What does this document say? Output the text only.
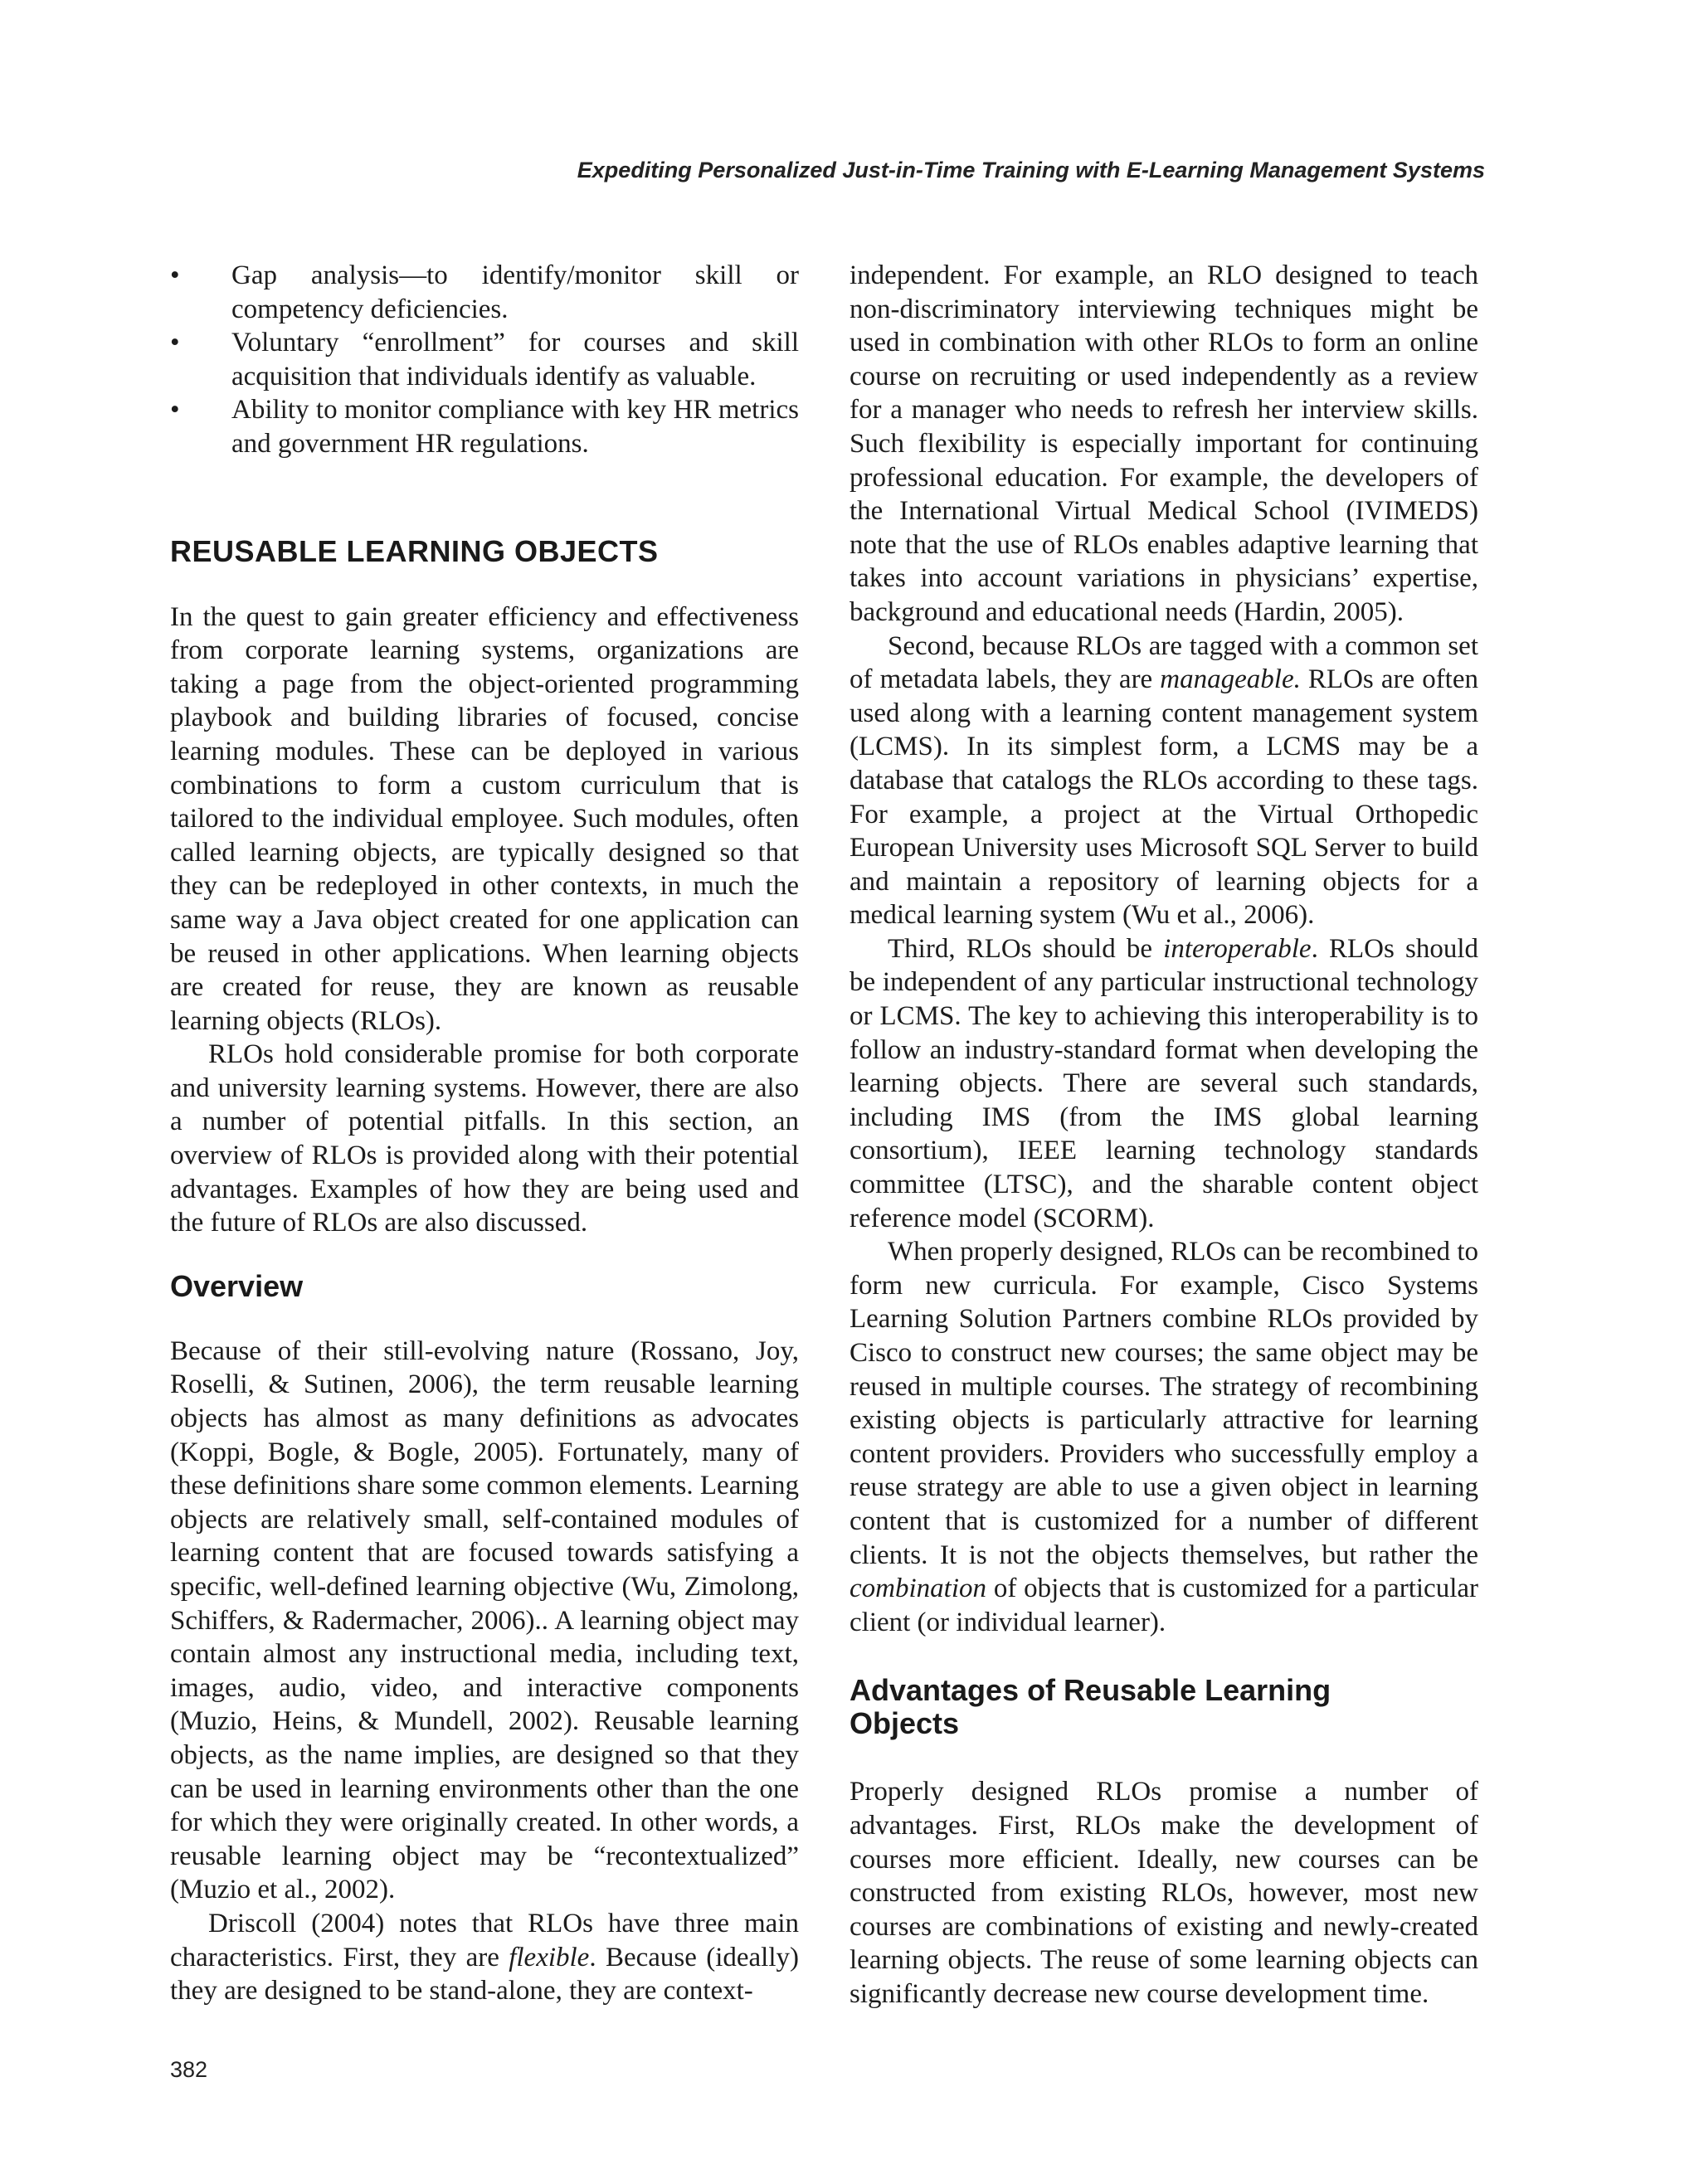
Expediting Personalized Just-in-Time Training with E-Learning Management Systems
• Gap analysis—to identify/monitor skill or competency deficiencies.
• Voluntary “enrollment” for courses and skill acquisition that individuals identify as valuable.
• Ability to monitor compliance with key HR metrics and government HR regulations.
REUSABLE LEARNING OBJECTS

In the quest to gain greater efficiency and effectiveness from corporate learning systems, organizations are taking a page from the object-oriented programming playbook and building libraries of focused, concise learning modules. These can be deployed in various combinations to form a custom curriculum that is tailored to the individual employee. Such modules, often called learning objects, are typically designed so that they can be redeployed in other contexts, in much the same way a Java object created for one application can be reused in other applications. When learning objects are created for reuse, they are known as reusable learning objects (RLOs).

RLOs hold considerable promise for both corporate and university learning systems. However, there are also a number of potential pitfalls. In this section, an overview of RLOs is provided along with their potential advantages. Examples of how they are being used and the future of RLOs are also discussed.

Overview

Because of their still-evolving nature (Rossano, Joy, Roselli, & Sutinen, 2006), the term reusable learning objects has almost as many definitions as advocates (Koppi, Bogle, & Bogle, 2005). Fortunately, many of these definitions share some common elements. Learning objects are relatively small, self-contained modules of learning content that are focused towards satisfying a specific, well-defined learning objective (Wu, Zimolong, Schiffers, & Radermacher, 2006).. A learning object may contain almost any instructional media, including text, images, audio, video, and interactive components (Muzio, Heins, & Mundell, 2002). Reusable learning objects, as the name implies, are designed so that they can be used in learning environments other than the one for which they were originally created. In other words, a reusable learning object may be “recontextualized” (Muzio et al., 2002).

Driscoll (2004) notes that RLOs have three main characteristics. First, they are flexible. Because (ideally) they are designed to be stand-alone, they are context-

independent. For example, an RLO designed to teach non-discriminatory interviewing techniques might be used in combination with other RLOs to form an online course on recruiting or used independently as a review for a manager who needs to refresh her interview skills. Such flexibility is especially important for continuing professional education. For example, the developers of the International Virtual Medical School (IVIMEDS) note that the use of RLOs enables adaptive learning that takes into account variations in physicians’ expertise, background and educational needs (Hardin, 2005).

Second, because RLOs are tagged with a common set of metadata labels, they are manageable. RLOs are often used along with a learning content management system (LCMS). In its simplest form, a LCMS may be a database that catalogs the RLOs according to these tags. For example, a project at the Virtual Orthopedic European University uses Microsoft SQL Server to build and maintain a repository of learning objects for a medical learning system (Wu et al., 2006).

Third, RLOs should be interoperable. RLOs should be independent of any particular instructional technology or LCMS. The key to achieving this interoperability is to follow an industry-standard format when developing the learning objects. There are several such standards, including IMS (from the IMS global learning consortium), IEEE learning technology standards committee (LTSC), and the sharable content object reference model (SCORM).

When properly designed, RLOs can be recombined to form new curricula. For example, Cisco Systems Learning Solution Partners combine RLOs provided by Cisco to construct new courses; the same object may be reused in multiple courses. The strategy of recombining existing objects is particularly attractive for learning content providers. Providers who successfully employ a reuse strategy are able to use a given object in learning content that is customized for a number of different clients. It is not the objects themselves, but rather the combination of objects that is customized for a particular client (or individual learner).

Advantages of Reusable Learning Objects

Properly designed RLOs promise a number of advantages. First, RLOs make the development of courses more efficient. Ideally, new courses can be constructed from existing RLOs, however, most new courses are combinations of existing and newly-created learning objects. The reuse of some learning objects can significantly decrease new course development time.

382
